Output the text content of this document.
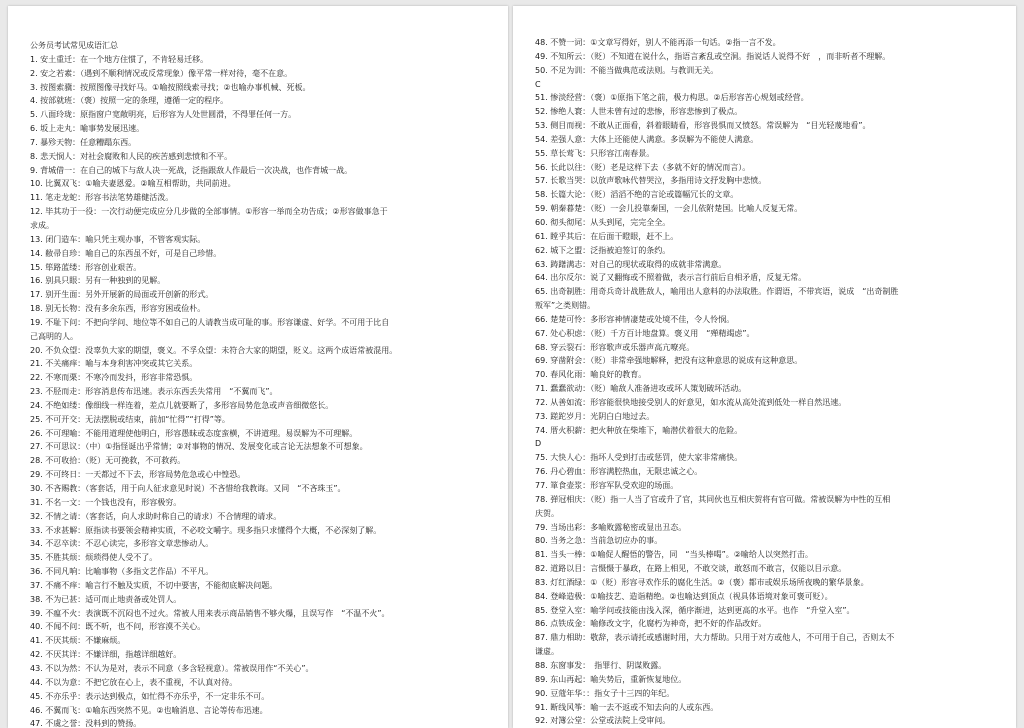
公务员考试常见成语汇总
1. 安土重迁：在一个地方住惯了，不肯轻易迁移。
2. 安之若素：（遇到不顺利情况或反常现象）像平常一样对待，毫不在意。
3. 按图索骥：按照图像寻找好马。①喻按照线索寻找；②也喻办事机械、死板。
4. 按部就班：（褒）按照一定的条理，遵循一定的程序。
5. 八面玲珑：原指窗户宽敞明亮，后形容为人处世圆滑，不得罪任何一方。
6. 坂上走丸：喻事势发展迅速。
7. 暴殄天物：任意糟蹋东西。
8. 悲天悯人：对社会腐败和人民的疾苦感到悲愤和不平。
9. 背城借一：在自己的城下与敌人决一死战，泛指跟敌人作最后一次决战，也作背城一战。
10. 比翼双飞：①喻夫妻恩爱。②喻互相帮助，共同前进。
11. 笔走龙蛇：形容书法笔势雄健活泼。
12. 毕其功于一役：一次行动便完成应分几步做的全部事情。①形容一举而全功告成；②形容做事急于
求成。
13. 闭门造车：喻只凭主观办事，不管客观实际。
14. 敝帚自珍：喻自己的东西虽不好，可是自己珍惜。
15. 筚路蓝缕：形容创业艰苦。
16. 别具只眼：另有一种独到的见解。
17. 别开生面：另外开展新的局面或开创新的形式。
18. 别无长物：没有多余东西，形容穷困或俭朴。
19. 不耻下问：不把向学问、地位等不如自己的人请教当成可耻的事。形容谦虚、好学。不可用于比自
己高明的人。
20. 不负众望：没辜负大家的期望，褒义。不孚众望：未符合大家的期望，贬义。这两个成语常被混用。
21. 不关痛痒：喻与本身利害冲突或其它关系。
22. 不寒而栗：不寒冷而发抖，形容非常恐惧。
23. 不胫而走：形容消息传布迅速。表示东西丢失常用　“不翼而飞”。
24. 不绝如缕：像细线一样连着，差点儿就要断了，多形容局势危急或声音细微悠长。
25. 不可开交：无法摆脱或结束，前加“忙得”“打得”等。
26. 不可理喻：不能用道理使他明白，形容愚昧或态度蛮横，不讲道理。易误解为不可理解。
27. 不可思议：（中）①指怪诞出乎常情；②对事物的情况、发展变化或言论无法想象不可想象。
28. 不可收拾：（贬）无可挽救，不可救药。
29. 不可终日：一天都过不下去，形容局势危急或心中惶恐。
30. 不吝赐教：（客套话，用于向人征求意见时说）不吝惜给我教诲。又同　“不吝珠玉”。
31. 不名一文：一个钱也没有，形容极穷。
32. 不情之请：（客套话，向人求助时称自己的请求）不合情理的请求。
33. 不求甚解：原指读书要领会精神实质，不必咬文嚼字。现多指只求懂得个大概，不必深刻了解。
34. 不忍卒读：不忍心读完，多形容文章悲惨动人。
35. 不胜其烦：烦琐得使人受不了。
36. 不同凡响：比喻事物（多指文艺作品）不平凡。
37. 不痛不痒：喻言行不触及实质，不切中要害，不能彻底解决问题。
38. 不为已甚：适可而止地责备或处罚人。
39. 不瘟不火：表演既不沉闷也不过火。常被人用来表示商品销售不够火爆，且误写作　“不温不火”。
40. 不闻不问：既不听，也不问，形容漠不关心。
41. 不厌其烦：不嫌麻烦。
42. 不厌其详：不嫌详细，指越详细越好。
43. 不以为然：不认为是对，表示不同意（多含轻视意）。常被误用作“不关心”。
44. 不以为意：不把它放在心上，表不重视，不认真对待。
45. 不亦乐乎：表示达到极点，如忙得不亦乐乎，不一定非乐不可。
46. 不翼而飞：①喻东西突然不见。②也喻消息、言论等传布迅速。
47. 不虞之誉：没料到的赞扬。
48. 不赞一词：①文章写得好，别人不能再添一句话。②指一言不发。
49. 不知所云：（贬）不知道在说什么，指语言紊乱或空洞。指说话人说得不好　，而非听者不理解。
50. 不足为训：不能当做典范或法则。与教训无关。
C
51. 惨淡经营：（褒）①原指下笔之前，极力构思。②后形容苦心规划或经营。
52. 惨绝人寰：人世未曾有过的悲惨，形容悲惨到了极点。
53. 侧目而视：不敢从正面看，斜着眼睛看，形容畏惧而又愤怒。常误解为　“目光轻蔑地看”。
54. 差强人意：大体上还能使人满意。多误解为不能使人满意。
55. 草长莺飞：只形容江南春景。
56. 长此以往：（贬）老是这样下去（多就不好的情况而言）。
57. 长歌当哭：以放声歌咏代替哭泣，多指用诗文抒发胸中悲愤。
58. 长篇大论：（贬）滔滔不绝的言论或篇幅冗长的文章。
59. 朝秦暮楚：（贬）一会儿投靠秦国，一会儿依附楚国。比喻人反复无常。
60. 彻头彻尾：从头到尾，完完全全。
61. 瞠乎其后：在后面干瞪眼，赶不上。
62. 城下之盟：泛指被迫签订的条约。
63. 踌躇满志：对自己的现状或取得的成就非常满意。
64. 出尔反尔：说了又翻悔或不照着做，表示言行前后自相矛盾，反复无常。
65. 出奇制胜：用奇兵奇计战胜敌人，喻用出人意料的办法取胜。作谓语，不带宾语，说成　“出奇制胜
叛军”之类则错。
66. 楚楚可怜：多形容神情凄楚或处境不佳，令人怜悯。
67. 处心积虑：（贬）千方百计地盘算。褒义用　“殚精竭虑”。
68. 穿云裂石：形容歌声或乐器声高亢嘹亮。
69. 穿凿附会：（贬）非常牵强地解释，把没有这种意思的说成有这种意思。
70. 春风化雨：喻良好的教育。
71. 蠢蠢欲动：（贬）喻敌人准备进攻或坏人策划破坏活动。
72. 从善如流：形容能很快地接受别人的好意见，如水流从高处流到低处一样自然迅速。
73. 蹉跎岁月：光阴白白地过去。
74. 厝火积薪：把火种放在柴堆下，喻潜伏着很大的危险。
D
75. 大快人心：指坏人受到打击或惩罚，使大家非常痛快。
76. 丹心碧血：形容满腔热血，无限忠诚之心。
77. 箪食壶浆：形容军队受欢迎的场面。
78. 弹冠相庆：（贬）指一人当了官或升了官，其同伙也互相庆贺将有官可做。常被误解为中性的互相
庆贺。
79. 当场出彩：多喻败露秘密或显出丑态。
80. 当务之急：当前急切应办的事。
81. 当头一棒：①喻促人醒悟的警告，同　“当头棒喝”。②喻给人以突然打击。
82. 道路以目：言慑慑于暴政，在路上相见，不敢交谈，敢怒而不敢言，仅能以目示意。
83. 灯红酒绿：①（贬）形容寻欢作乐的腐化生活。②（褒）都市或娱乐场所夜晚的繁华景象。
84. 登峰造极：①喻技艺、造诣精绝。②也喻达到顶点（视具体语境对象可褒可贬）。
85. 登堂入室：喻学问或技能由浅入深，循序渐进，达到更高的水平。也作　“升堂入室”。
86. 点铁成金：喻修改文字，化腐朽为神奇，把不好的作品改好。
87. 鼎力相助：敬辞，表示请托或感谢时用，大力帮助。只用于对方或他人，不可用于自己，否则太不
谦虚。
88. 东窗事发：　指罪行、阴谋败露。
89. 东山再起：喻失势后，重新恢复地位。
90. 豆蔻年华：：指女子十三四的年纪。
91. 断线风筝：喻一去不返或不知去向的人或东西。
92. 对簿公堂：公堂或法院上受审问。
